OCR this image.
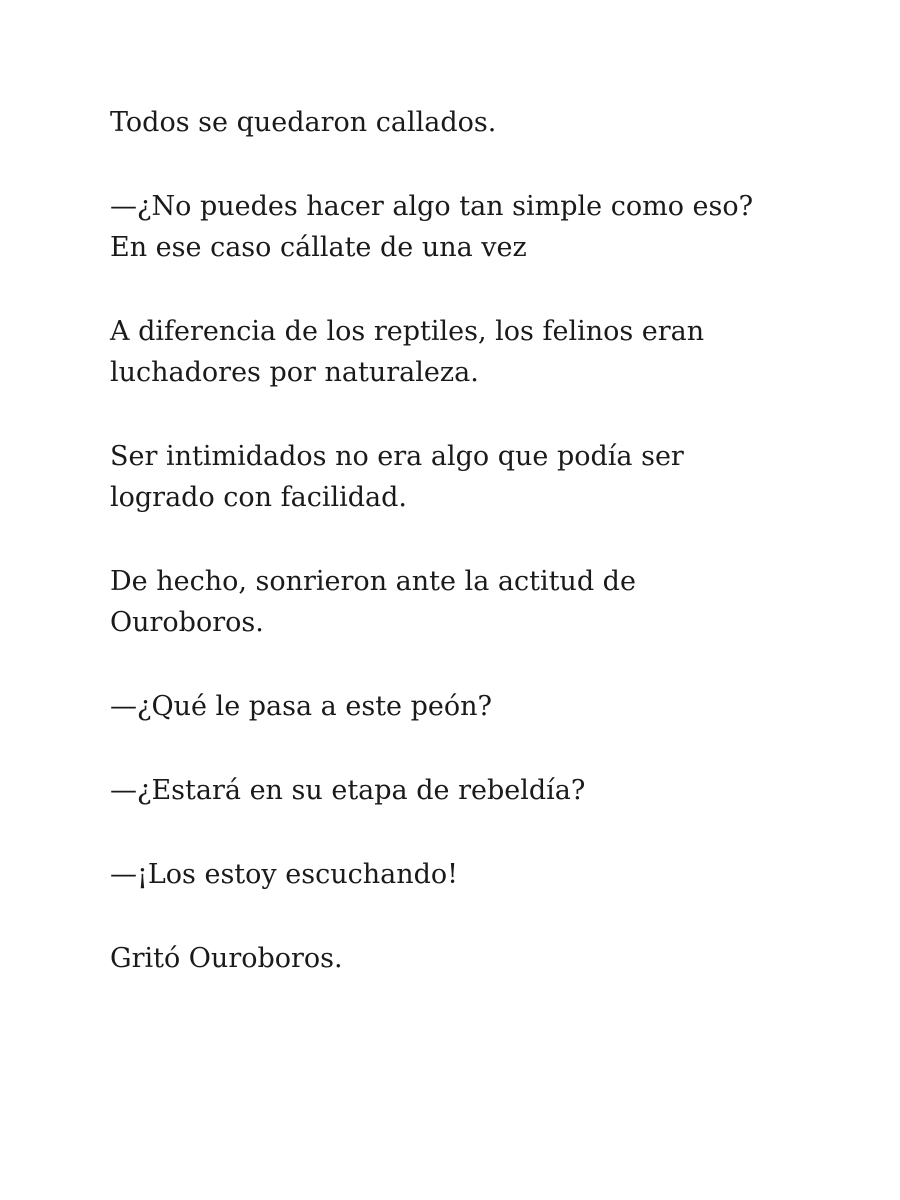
Todos se quedaron callados.

—¿No puedes hacer algo tan simple como eso?
En ese caso cállate de una vez

A diferencia de los reptiles, los felinos eran
luchadores por naturaleza.

Ser intimidados no era algo que podía ser
logrado con facilidad.

De hecho, sonrieron ante la actitud de
Ouroboros.

—¿Qué le pasa a este peón?

—¿Estará en su etapa de rebeldía?

—¡Los estoy escuchando!

Gritó Ouroboros.
